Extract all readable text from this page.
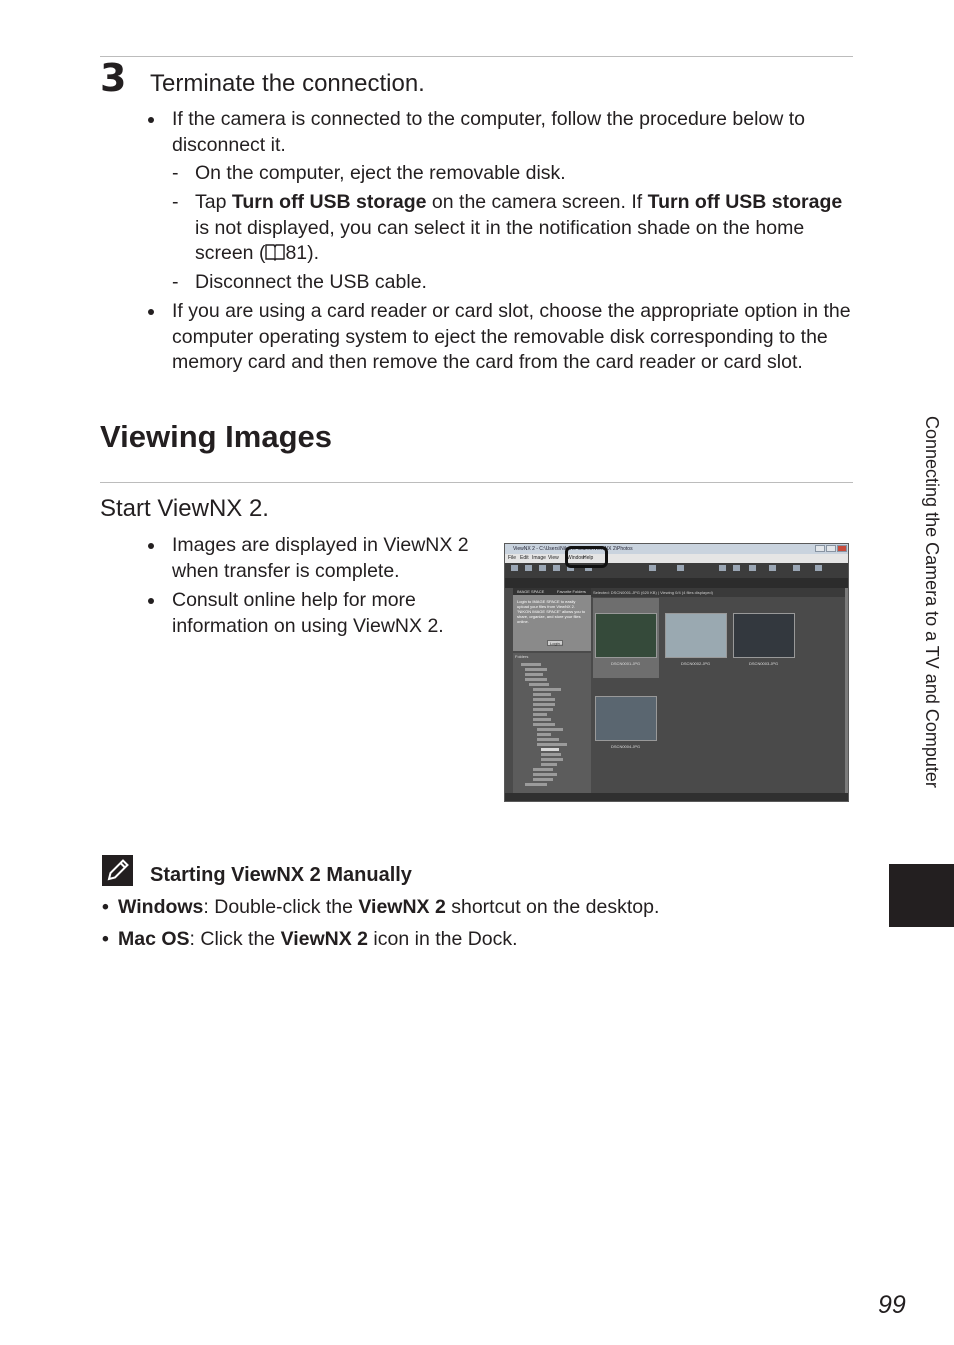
3 Terminate the connection.
If the camera is connected to the computer, follow the procedure below to disconnect it.
- On the computer, eject the removable disk.
- Tap Turn off USB storage on the camera screen. If Turn off USB storage is not displayed, you can select it in the notification shade on the home screen ( 81).
- Disconnect the USB cable.
If you are using a card reader or card slot, choose the appropriate option in the computer operating system to eject the removable disk corresponding to the memory card and then remove the card from the card reader or card slot.
Viewing Images
Start ViewNX 2.
Images are displayed in ViewNX 2 when transfer is complete.
Consult online help for more information on using ViewNX 2.
ViewNX 2 - C:\Users\Nikon\Pictures\ViewNX 2\Photos
File Edit Image View Window
Help
IMAGE SPACE	Favorite Folders
Login to IMAGE SPACE to easily upload your files from ViewNX 2. "NIKON IMAGE SPACE" allows you to share, organize, and store your files online.
Login...
Folders
Selected: DSCN0001.JPG (620 KB) | Viewing 0/4 (4 files displayed)
DSCN0001.JPG	DSCN0002.JPG	DSCN0003.JPG
DSCN0004.JPG
Starting ViewNX 2 Manually
• Windows: Double-click the ViewNX 2 shortcut on the desktop.
• Mac OS: Click the ViewNX 2 icon in the Dock.
Connecting the Camera to a TV and Computer
99
